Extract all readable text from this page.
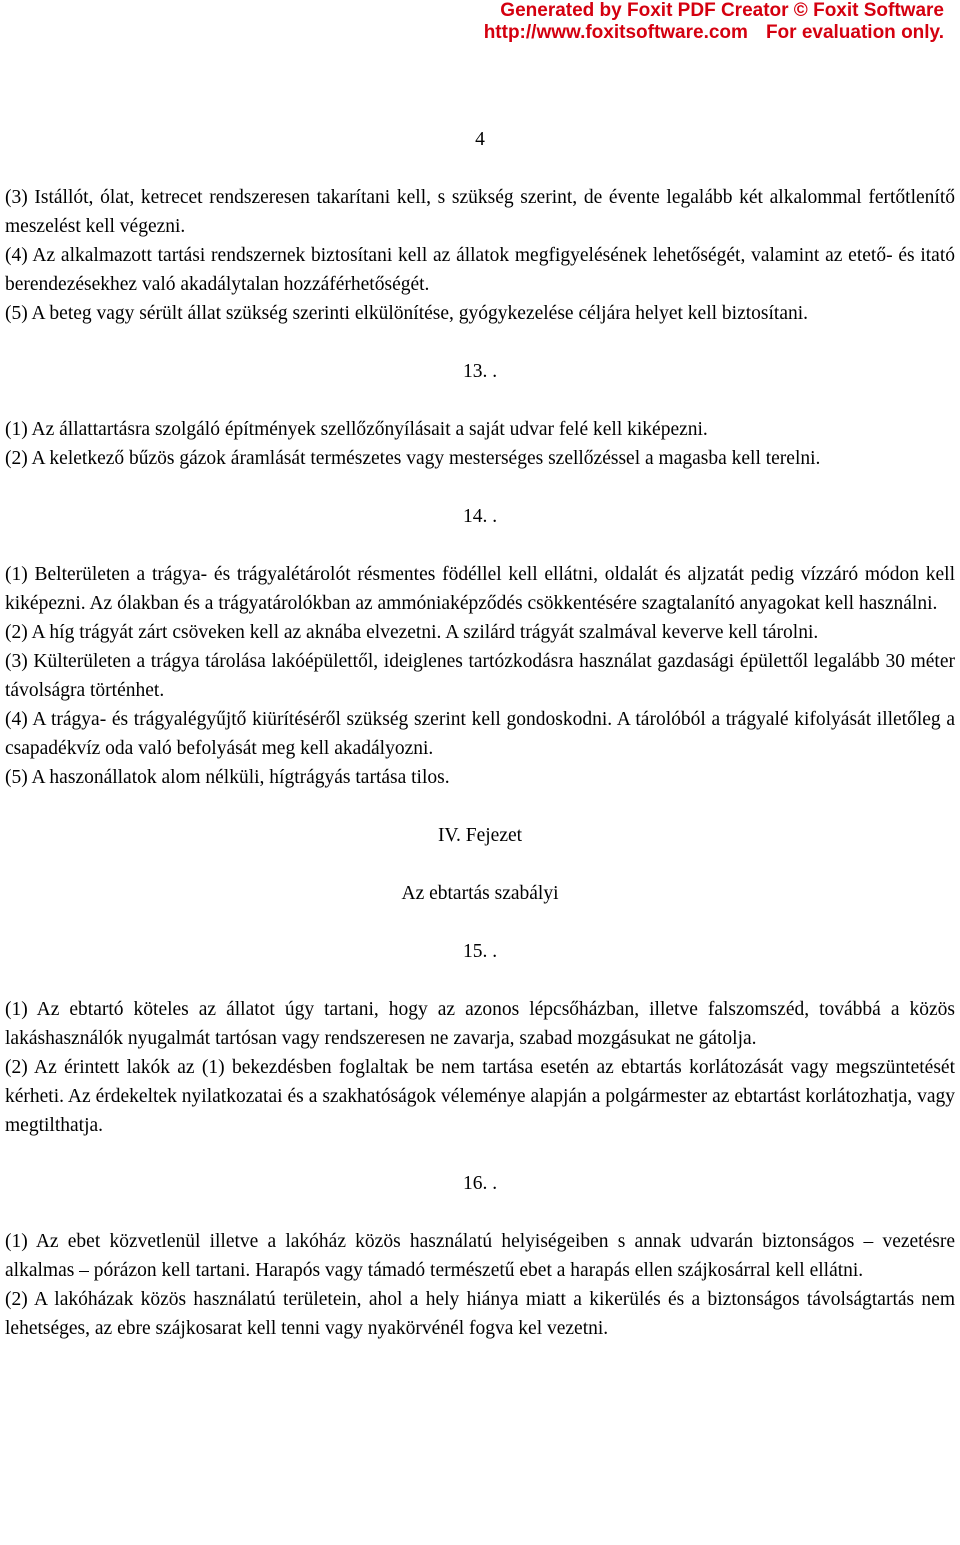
Generated by Foxit PDF Creator © Foxit Software
http://www.foxitsoftware.com For evaluation only.
4

(3) Istállót, ólat, ketrecet rendszeresen takarítani kell, s szükség szerint, de évente legalább két alkalommal fertőtlenítő meszelést kell végezni.

(4) Az alkalmazott tartási rendszernek biztosítani kell az állatok megfigyelésének lehetőségét, valamint az etető- és itató berendezésekhez való akadálytalan hozzáférhetőségét.

(5) A beteg vagy sérült állat szükség szerinti elkülönítése, gyógykezelése céljára helyet kell biztosítani.

13. .

(1) Az állattartásra szolgáló építmények szellőzőnyílásait a saját udvar felé kell kiképezni.

(2) A keletkező bűzös gázok áramlását természetes vagy mesterséges szellőzéssel a magasba kell terelni.

14. .

(1) Belterületen a trágya- és trágyalétárolót résmentes födéllel kell ellátni, oldalát és aljzatát pedig vízzáró módon kell kiképezni. Az ólakban és a trágyatárolókban az ammóniaképződés csökkentésére szagtalanító anyagokat kell használni.

(2) A híg trágyát zárt csöveken kell az aknába elvezetni. A szilárd trágyát szalmával keverve kell tárolni.

(3) Külterületen a trágya tárolása lakóépülettől, ideiglenes tartózkodásra használat gazdasági épülettől legalább 30 méter távolságra történhet.

(4) A trágya- és trágyalégyűjtő kiürítéséről szükség szerint kell gondoskodni. A tárolóból a trágyalé kifolyását illetőleg a csapadékvíz oda való befolyását meg kell akadályozni.

(5) A haszonállatok alom nélküli, hígtrágyás tartása tilos.

IV. Fejezet

Az ebtartás szabályi

15. .

(1) Az ebtartó köteles az állatot úgy tartani, hogy az azonos lépcsőházban, illetve falszomszéd, továbbá a közös lakáshasználók nyugalmát tartósan vagy rendszeresen ne zavarja, szabad mozgásukat ne gátolja.

(2) Az érintett lakók az (1) bekezdésben foglaltak be nem tartása esetén az ebtartás korlátozását vagy megszüntetését kérheti. Az érdekeltek nyilatkozatai és a szakhatóságok véleménye alapján a polgármester az ebtartást korlátozhatja, vagy megtilthatja.

16. .

(1) Az ebet közvetlenül illetve a lakóház közös használatú helyiségeiben s annak udvarán biztonságos – vezetésre alkalmas – pórázon kell tartani. Harapós vagy támadó természetű ebet a harapás ellen szájkosárral kell ellátni.

(2) A lakóházak közös használatú területein, ahol a hely hiánya miatt a kikerülés és a biztonságos távolságtartás nem lehetséges, az ebre szájkosarat kell tenni vagy nyakörvénél fogva kel vezetni.
